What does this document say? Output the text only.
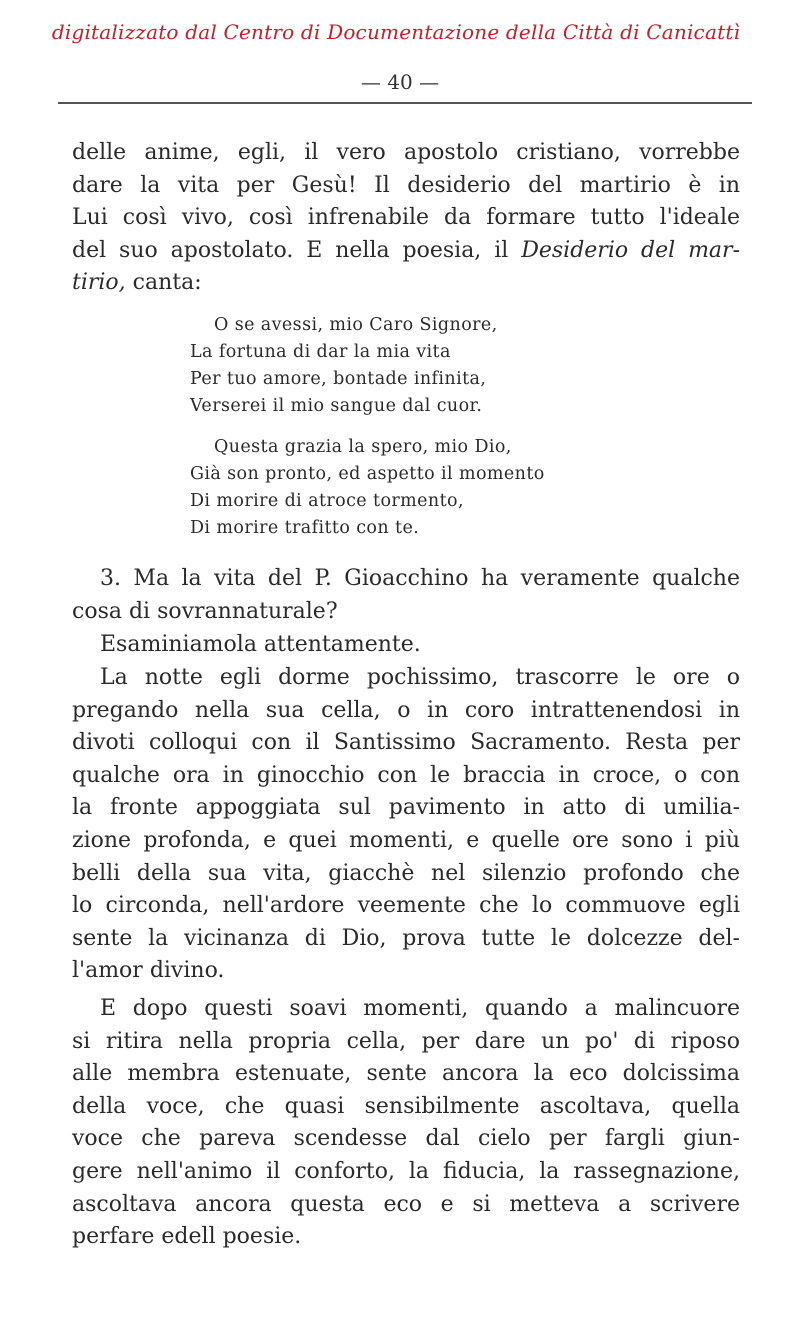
digitalizzato dal Centro di Documentazione della Città di Canicattì
— 40 —
delle anime, egli, il vero apostolo cristiano, vorrebbe
dare la vita per Gesù! Il desiderio del martirio è in
Lui così vivo, così infrenabile da formare tutto l'ideale
del suo apostolato. E nella poesia, il Desiderio del mar-
tirio, canta:
O se avessi, mio Caro Signore,
La fortuna di dar la mia vita
Per tuo amore, bontade infinita,
Verserei il mio sangue dal cuor.
Questa grazia la spero, mio Dio,
Già son pronto, ed aspetto il momento
Di morire di atroce tormento,
Di morire trafitto con te.
3. Ma la vita del P. Gioacchino ha veramente qualche
cosa di sovrannaturale?
Esaminiamola attentamente.
La notte egli dorme pochissimo, trascorre le ore o
pregando nella sua cella, o in coro intrattenendosi in
divoti colloqui con il Santissimo Sacramento. Resta per
qualche ora in ginocchio con le braccia in croce, o con
la fronte appoggiata sul pavimento in atto di umilia-
zione profonda, e quei momenti, e quelle ore sono i più
belli della sua vita, giacchè nel silenzio profondo che
lo circonda, nell'ardore veemente che lo commuove egli
sente la vicinanza di Dio, prova tutte le dolcezze del-
l'amor divino.
E dopo questi soavi momenti, quando a malincuore
si ritira nella propria cella, per dare un po' di riposo
alle membra estenuate, sente ancora la eco dolcissima
della voce, che quasi sensibilmente ascoltava, quella
voce che pareva scendesse dal cielo per fargli giun-
gere nell'animo il conforto, la fiducia, la rassegnazione,
ascoltava ancora questa eco e si metteva a scrivere
perfare edell poesie.
